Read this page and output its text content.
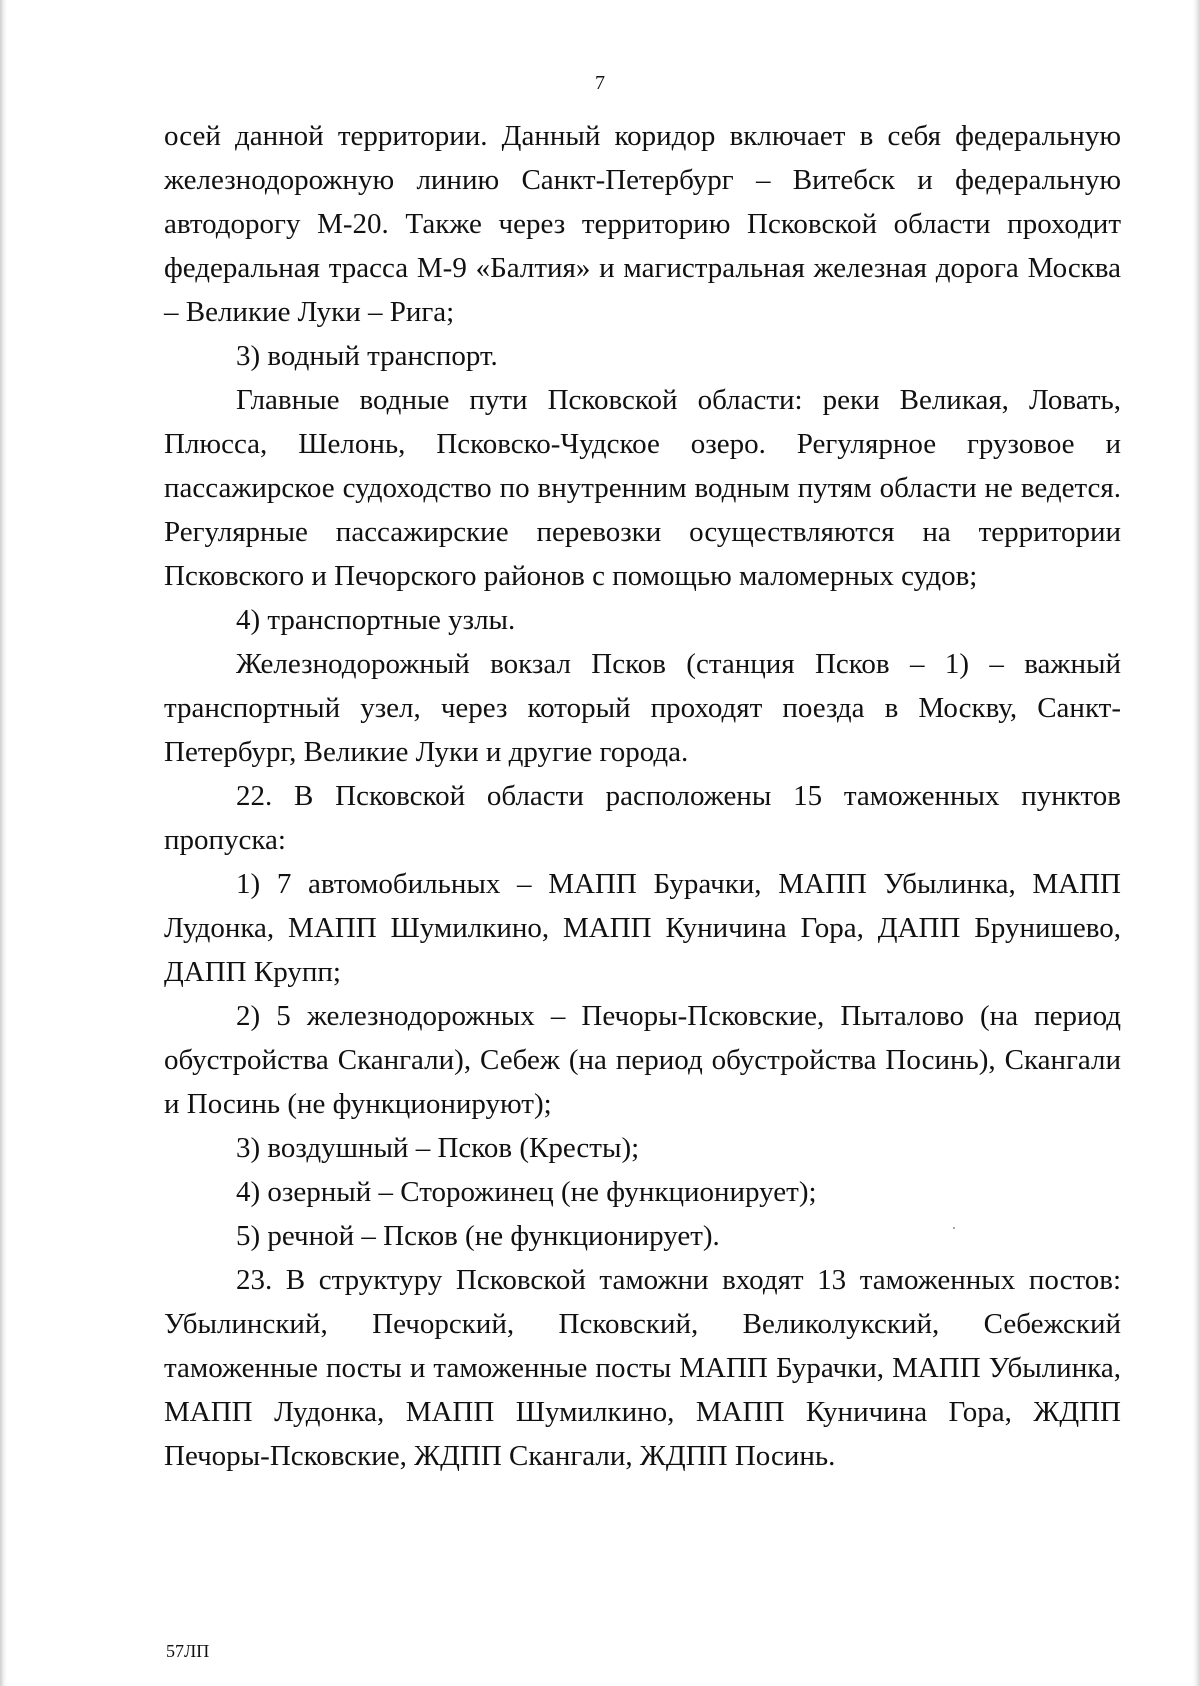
7

осей данной территории. Данный коридор включает в себя федеральную железнодорожную линию Санкт-Петербург – Витебск и федеральную автодорогу М-20. Также через территорию Псковской области проходит федеральная трасса М-9 «Балтия» и магистральная железная дорога Москва – Великие Луки – Рига;

3) водный транспорт.

Главные водные пути Псковской области: реки Великая, Ловать, Плюсса, Шелонь, Псковско-Чудское озеро. Регулярное грузовое и пассажирское судоходство по внутренним водным путям области не ведется. Регулярные пассажирские перевозки осуществляются на территории Псковского и Печорского районов с помощью маломерных судов;

4) транспортные узлы.

Железнодорожный вокзал Псков (станция Псков – 1) – важный транспортный узел, через который проходят поезда в Москву, Санкт-Петербург, Великие Луки и другие города.

22. В Псковской области расположены 15 таможенных пунктов пропуска:

1) 7 автомобильных – МАПП Бурачки, МАПП Убылинка, МАПП Лудонка, МАПП Шумилкино, МАПП Куничина Гора, ДАПП Брунишево, ДАПП Крупп;

2) 5 железнодорожных – Печоры-Псковские, Пыталово (на период обустройства Скангали), Себеж (на период обустройства Посинь), Скангали и Посинь (не функционируют);

3) воздушный – Псков (Кресты);

4) озерный – Сторожинец (не функционирует);

5) речной – Псков (не функционирует).

23. В структуру Псковской таможни входят 13 таможенных постов: Убылинский, Печорский, Псковский, Великолукский, Себежский таможенные посты и таможенные посты МАПП Бурачки, МАПП Убылинка, МАПП Лудонка, МАПП Шумилкино, МАПП Куничина Гора, ЖДПП Печоры-Псковские, ЖДПП Скангали, ЖДПП Посинь.

57ЛП
